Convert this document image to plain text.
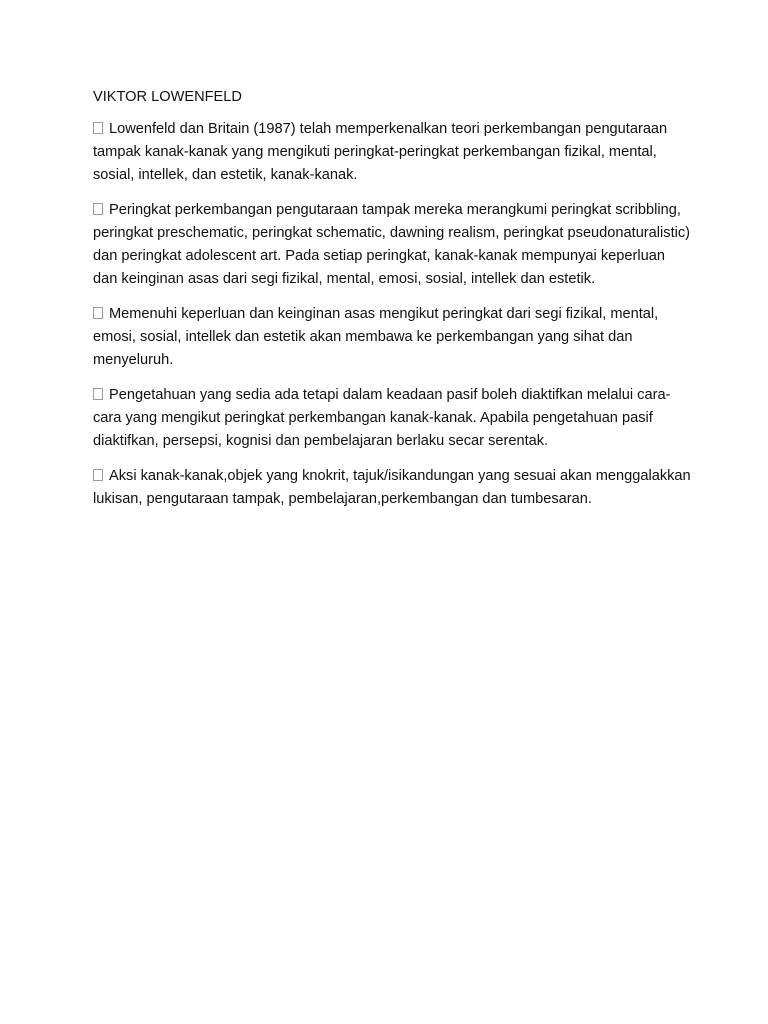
VIKTOR LOWENFELD

Lowenfeld dan Britain (1987) telah memperkenalkan teori perkembangan pengutaraan tampak kanak-kanak yang mengikuti peringkat-peringkat perkembangan fizikal, mental, sosial, intellek, dan estetik, kanak-kanak.

Peringkat perkembangan pengutaraan tampak mereka merangkumi peringkat scribbling, peringkat preschematic, peringkat schematic, dawning realism, peringkat pseudonaturalistic) dan peringkat adolescent art. Pada setiap peringkat, kanak-kanak mempunyai keperluan dan keinginan asas dari segi fizikal, mental, emosi, sosial, intellek dan estetik.

Memenuhi keperluan dan keinginan asas mengikut peringkat dari segi fizikal, mental, emosi, sosial, intellek dan estetik akan membawa ke perkembangan yang sihat dan menyeluruh.

Pengetahuan yang sedia ada tetapi dalam keadaan pasif boleh diaktifkan melalui cara-cara yang mengikut peringkat perkembangan kanak-kanak. Apabila pengetahuan pasif diaktifkan, persepsi, kognisi dan pembelajaran berlaku secar serentak.

Aksi kanak-kanak,objek yang knokrit, tajuk/isikandungan yang sesuai akan menggalakkan lukisan, pengutaraan tampak, pembelajaran,perkembangan dan tumbesaran.
